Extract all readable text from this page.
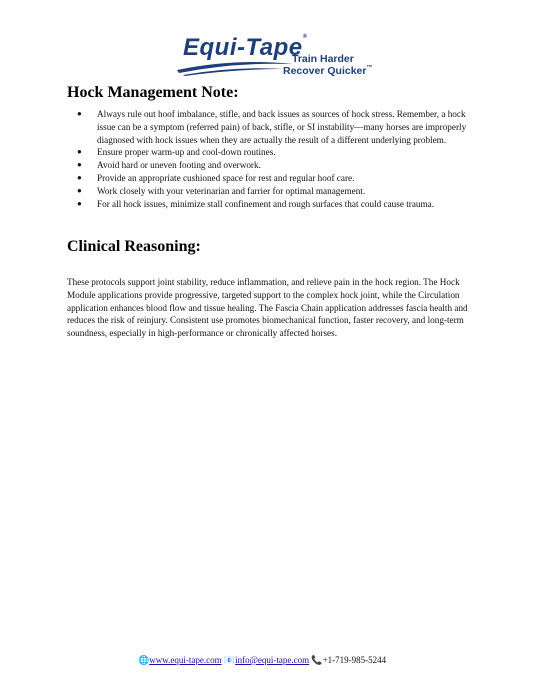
Equi-Tape®
Train Harder
Recover Quicker™
Hock Management Note:
● Always rule out hoof imbalance, stifle, and back issues as sources of hock stress. Remember, a hock issue can be a symptom (referred pain) of back, stifle, or SI instability—many horses are improperly diagnosed with hock issues when they are actually the result of a different underlying problem.
● Ensure proper warm-up and cool-down routines.
● Avoid hard or uneven footing and overwork.
● Provide an appropriate cushioned space for rest and regular hoof care.
● Work closely with your veterinarian and farrier for optimal management.
● For all hock issues, minimize stall confinement and rough surfaces that could cause trauma.
Clinical Reasoning:

These protocols support joint stability, reduce inflammation, and relieve pain in the hock region. The Hock Module applications provide progressive, targeted support to the complex hock joint, while the Circulation application enhances blood flow and tissue healing. The Fascia Chain application addresses fascia health and reduces the risk of reinjury. Consistent use promotes biomechanical function, faster recovery, and long-term soundness, especially in high-performance or chronically affected horses.

🌐www.equi-tape.com 📧info@equi-tape.com 📞+1-719-985-5244
